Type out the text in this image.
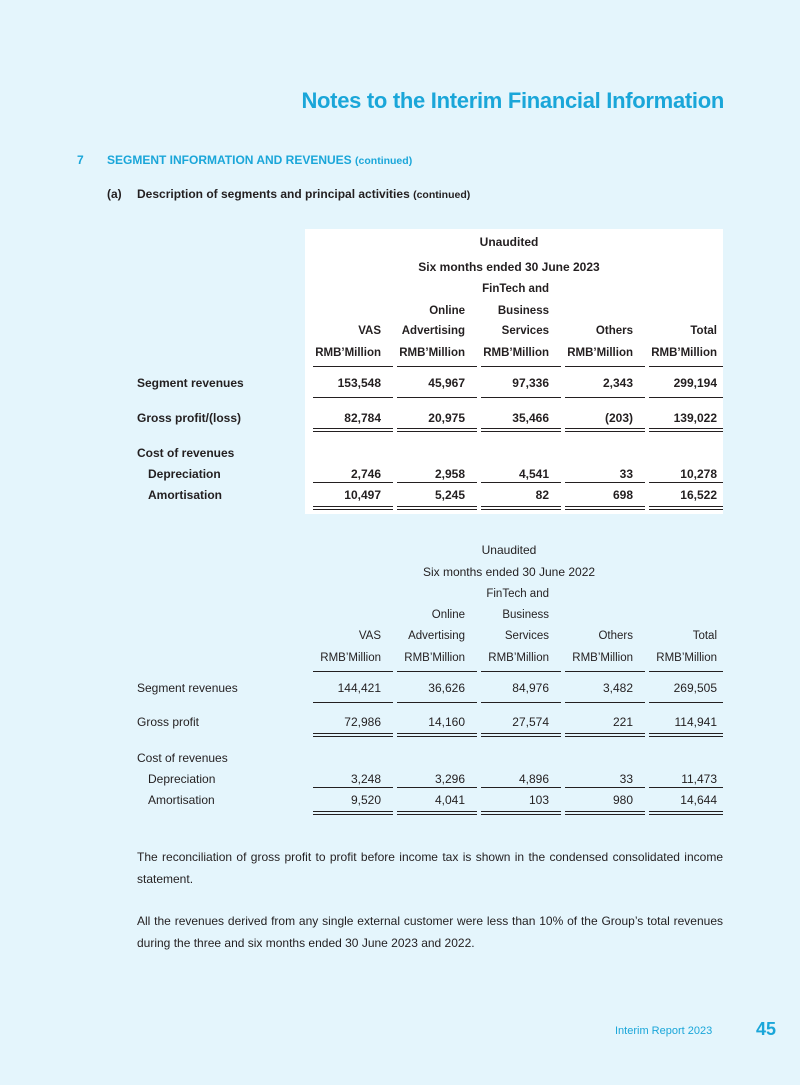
Notes to the Interim Financial Information
7 SEGMENT INFORMATION AND REVENUES (continued)
(a) Description of segments and principal activities (continued)
Unaudited
Six months ended 30 June 2023
FinTech and
Online	Business
VAS	Advertising	Services	Others	Total
RMB’Million	RMB’Million	RMB’Million	RMB’Million	RMB’Million
Segment revenues	153,548	45,967	97,336	2,343	299,194
Gross profit/(loss)	82,784	20,975	35,466	(203)	139,022
Cost of revenues
Depreciation	2,746	2,958	4,541	33	10,278
Amortisation	10,497	5,245	82	698	16,522
Unaudited
Six months ended 30 June 2022
FinTech and
Online	Business
VAS	Advertising	Services	Others	Total
RMB’Million	RMB’Million	RMB’Million	RMB’Million	RMB’Million
Segment revenues	144,421	36,626	84,976	3,482	269,505
Gross profit	72,986	14,160	27,574	221	114,941
Cost of revenues
Depreciation	3,248	3,296	4,896	33	11,473
Amortisation	9,520	4,041	103	980	14,644
The reconciliation of gross profit to profit before income tax is shown in the condensed consolidated income statement.
All the revenues derived from any single external customer were less than 10% of the Group’s total revenues during the three and six months ended 30 June 2023 and 2022.
Interim Report 2023 45
